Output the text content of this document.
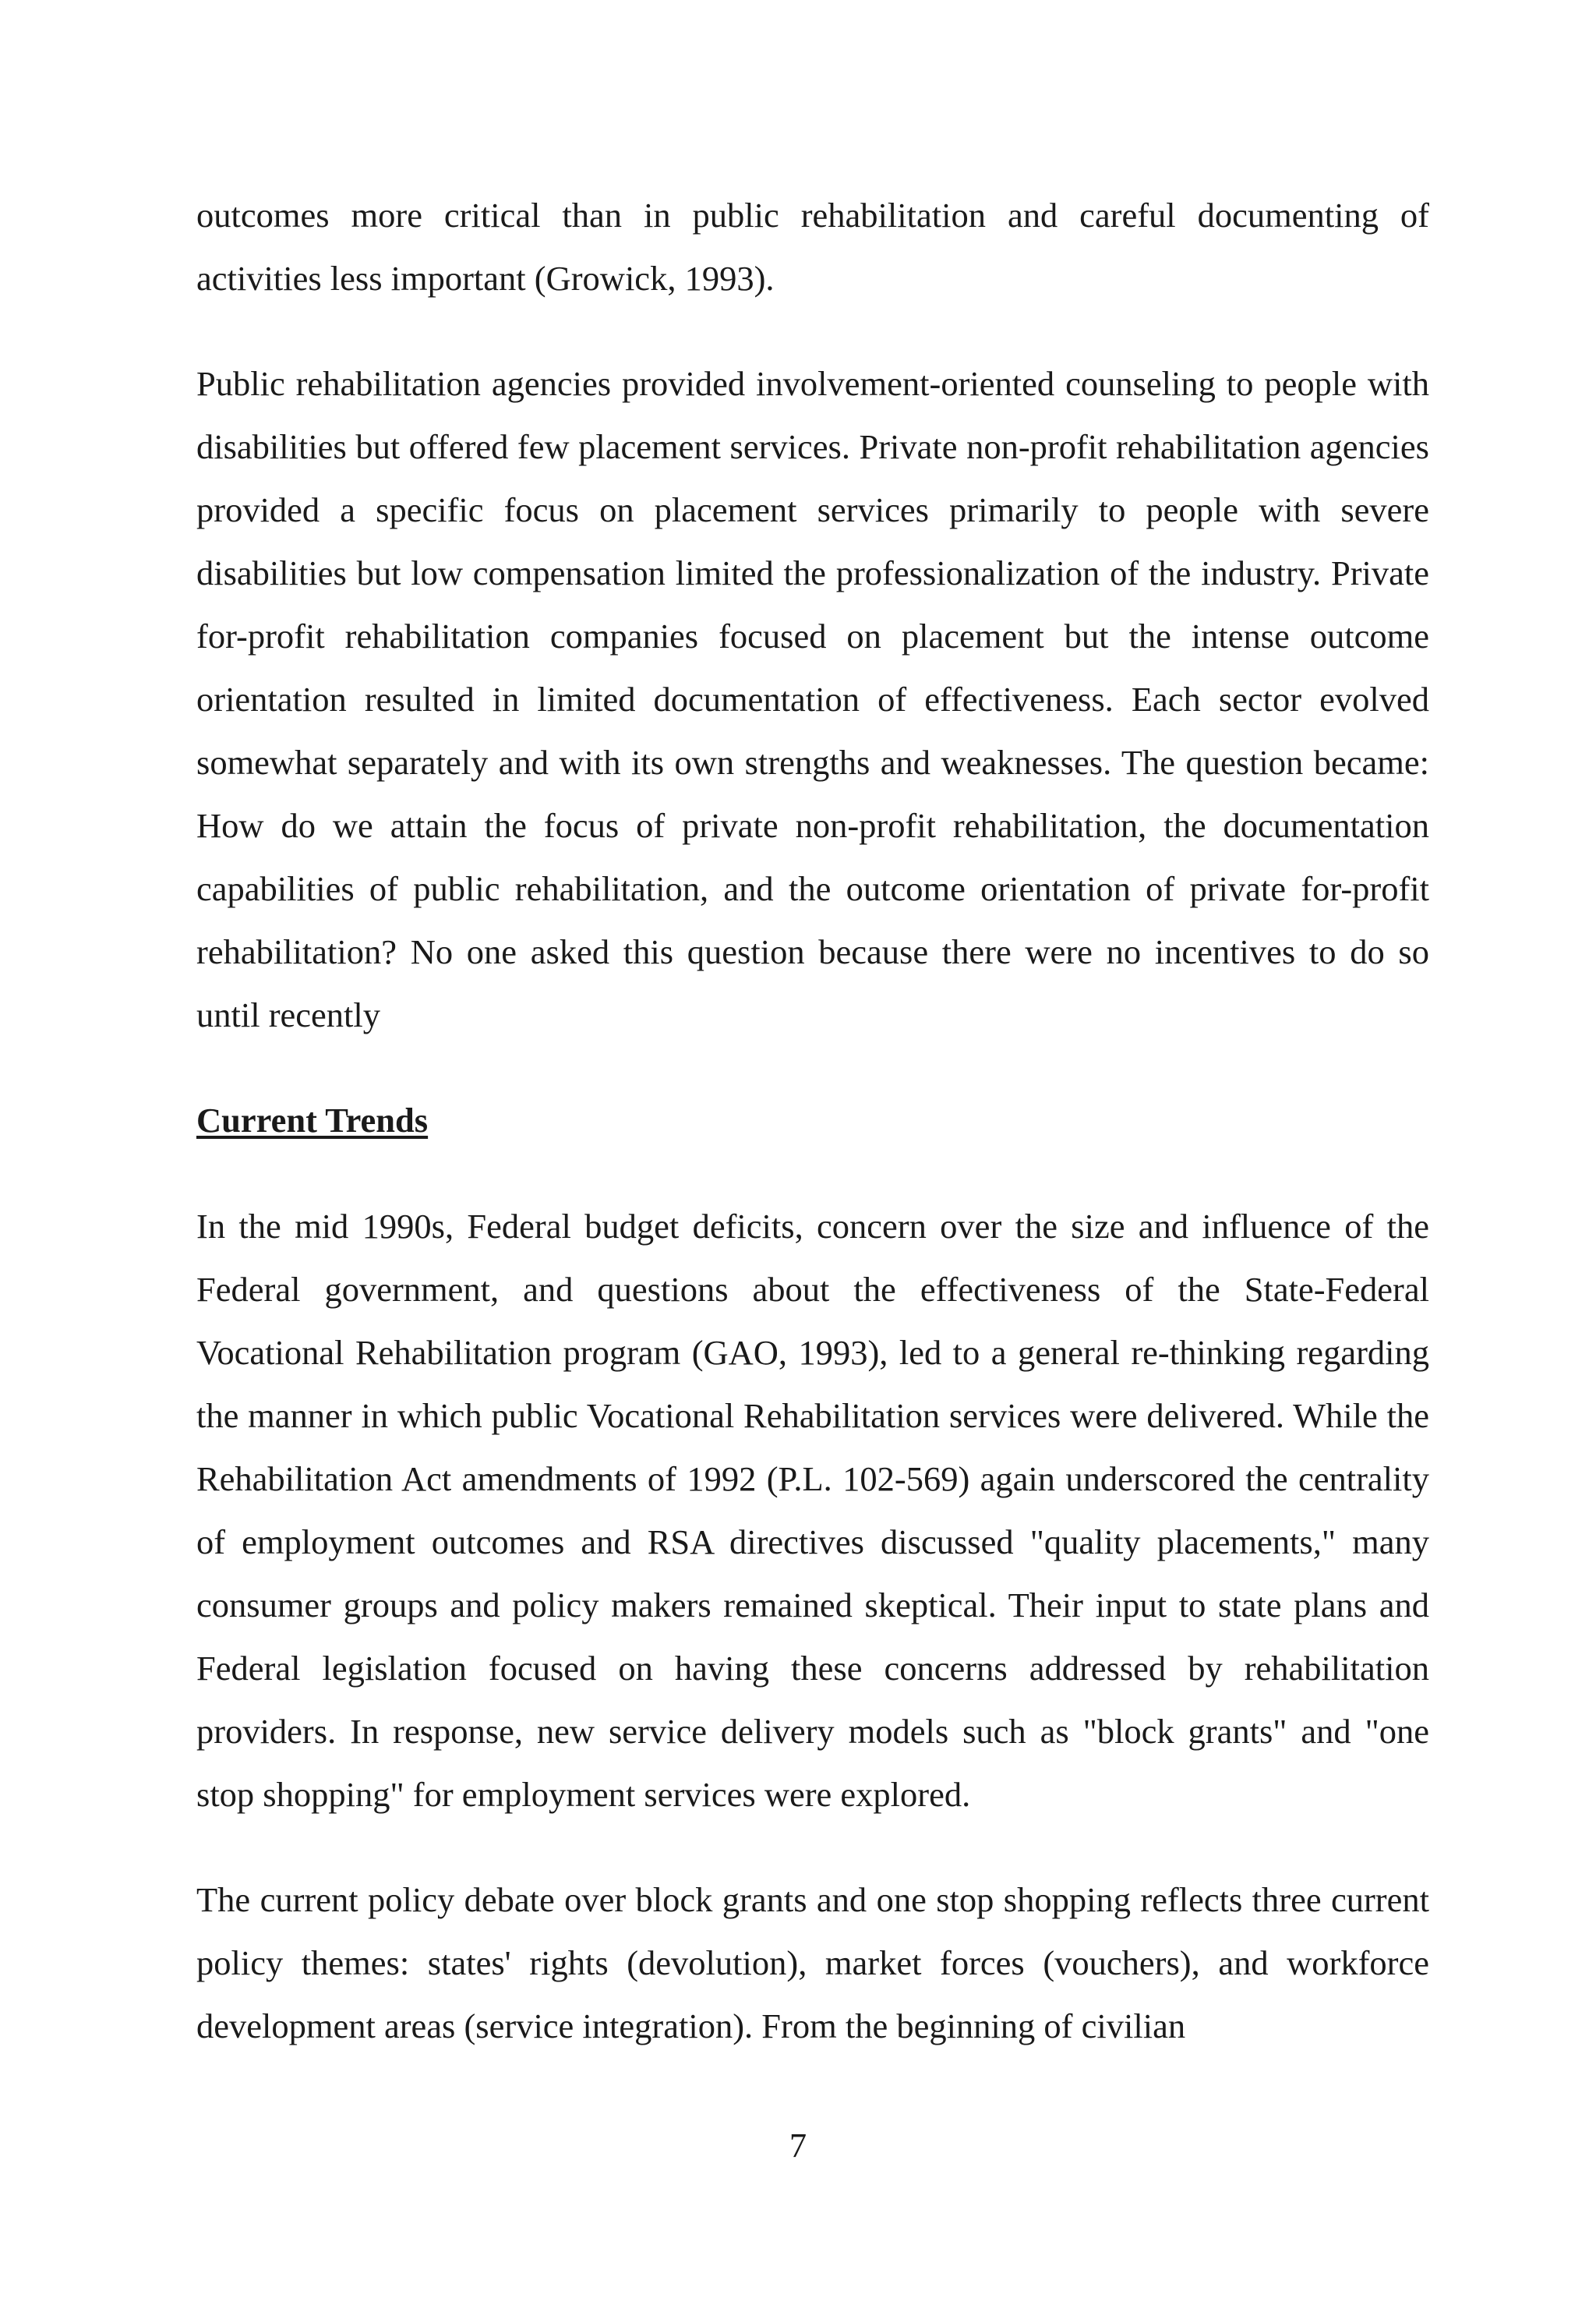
outcomes more critical than in public rehabilitation and careful documenting of activities less important (Growick, 1993).

Public rehabilitation agencies provided involvement-oriented counseling to people with disabilities but offered few placement services. Private non-profit rehabilitation agencies provided a specific focus on placement services primarily to people with severe disabilities but low compensation limited the professionalization of the industry. Private for-profit rehabilitation companies focused on placement but the intense outcome orientation resulted in limited documentation of effectiveness. Each sector evolved somewhat separately and with its own strengths and weaknesses. The question became: How do we attain the focus of private non-profit rehabilitation, the documentation capabilities of public rehabilitation, and the outcome orientation of private for-profit rehabilitation? No one asked this question because there were no incentives to do so until recently

Current Trends

In the mid 1990s, Federal budget deficits, concern over the size and influence of the Federal government, and questions about the effectiveness of the State-Federal Vocational Rehabilitation program (GAO, 1993), led to a general re-thinking regarding the manner in which public Vocational Rehabilitation services were delivered. While the Rehabilitation Act amendments of 1992 (P.L. 102-569) again underscored the centrality of employment outcomes and RSA directives discussed "quality placements," many consumer groups and policy makers remained skeptical. Their input to state plans and Federal legislation focused on having these concerns addressed by rehabilitation providers. In response, new service delivery models such as "block grants" and "one stop shopping" for employment services were explored.

The current policy debate over block grants and one stop shopping reflects three current policy themes: states' rights (devolution), market forces (vouchers), and workforce development areas (service integration). From the beginning of civilian

7
